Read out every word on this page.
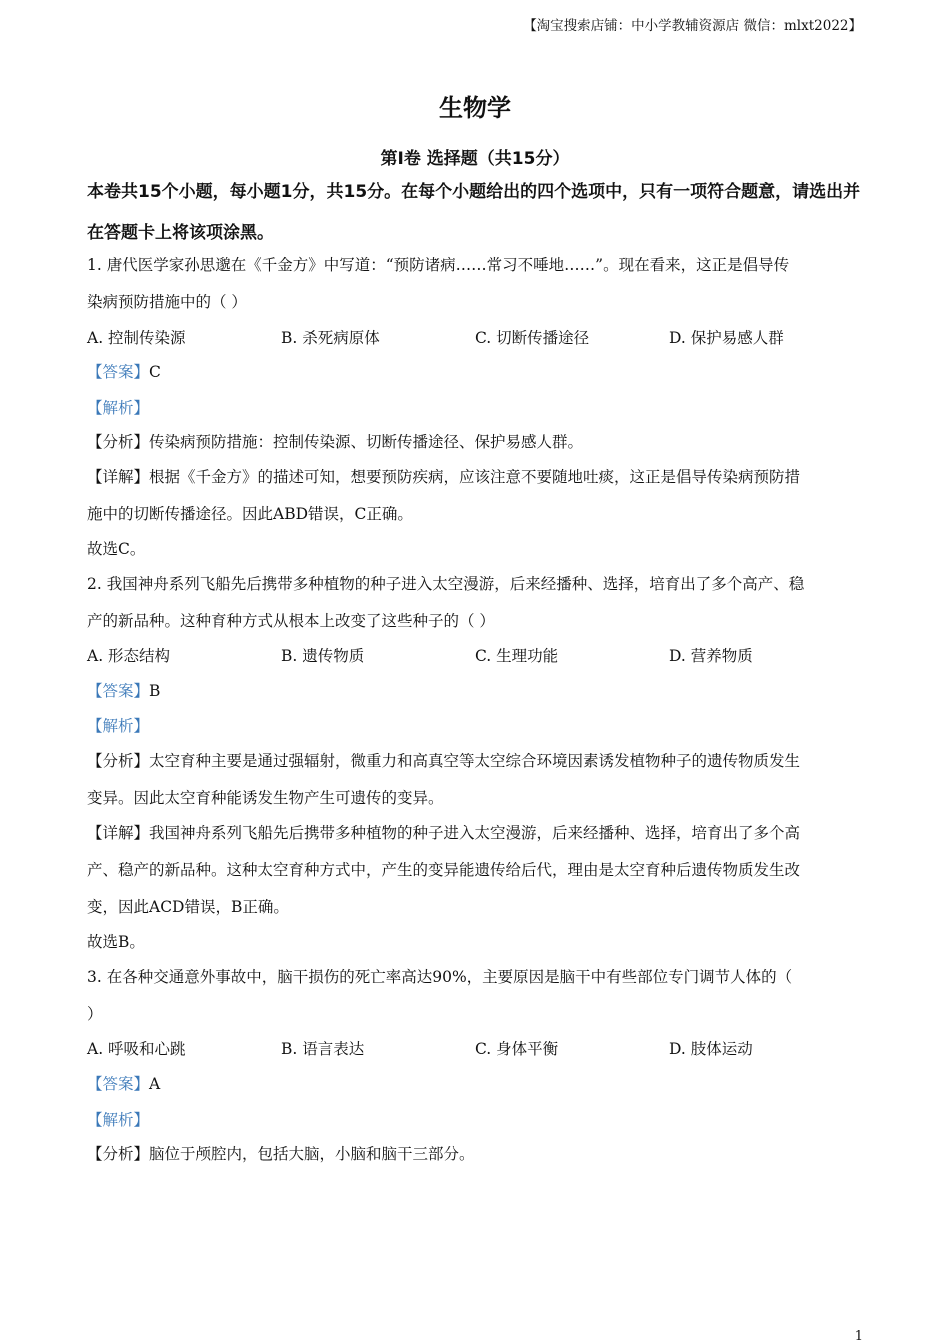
【淘宝搜索店铺：中小学教辅资源店 微信：mlxt2022】
生物学
第Ⅰ卷 选择题（共15分）
本卷共15个小题，每小题1分，共15分。在每个小题给出的四个选项中，只有一项符合题意，请选出并在答题卡上将该项涂黑。
1. 唐代医学家孙思邈在《千金方》中写道：“预防诸病……常习不唾地……”。现在看来，这正是倡导传
染病预防措施中的（ ）
A. 控制传染源	B. 杀死病原体	C. 切断传播途径	D. 保护易感人群
【答案】C
【解析】
【分析】传染病预防措施：控制传染源、切断传播途径、保护易感人群。
【详解】根据《千金方》的描述可知，想要预防疾病，应该注意不要随地吐痰，这正是倡导传染病预防措
施中的切断传播途径。因此ABD错误，C正确。
故选C。
2. 我国神舟系列飞船先后携带多种植物的种子进入太空漫游，后来经播种、选择，培育出了多个高产、稳
产的新品种。这种育种方式从根本上改变了这些种子的（ ）
A. 形态结构	B. 遗传物质	C. 生理功能	D. 营养物质
【答案】B
【解析】
【分析】太空育种主要是通过强辐射，微重力和高真空等太空综合环境因素诱发植物种子的遗传物质发生
变异。因此太空育种能诱发生物产生可遗传的变异。
【详解】我国神舟系列飞船先后携带多种植物的种子进入太空漫游，后来经播种、选择，培育出了多个高
产、稳产的新品种。这种太空育种方式中，产生的变异能遗传给后代，理由是太空育种后遗传物质发生改
变，因此ACD错误，B正确。
故选B。
3. 在各种交通意外事故中，脑干损伤的死亡率高达90%，主要原因是脑干中有些部位专门调节人体的（
）
A. 呼吸和心跳	B. 语言表达	C. 身体平衡	D. 肢体运动
【答案】A
【解析】
【分析】脑位于颅腔内，包括大脑，小脑和脑干三部分。
1
